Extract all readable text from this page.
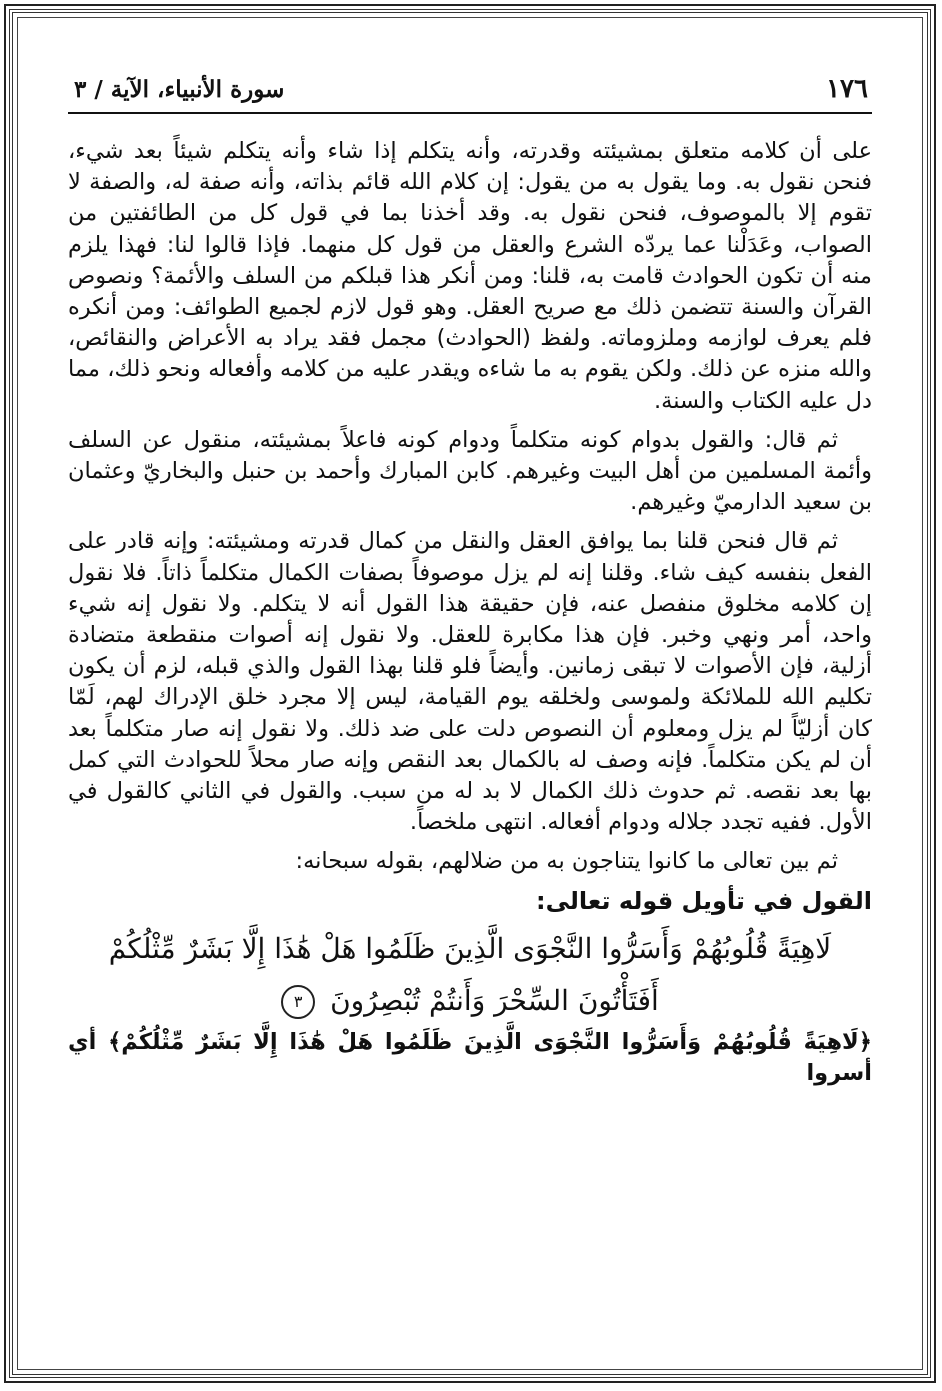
١٧٦
سورة الأنبياء، الآية / ٣

على أن كلامه متعلق بمشيئته وقدرته، وأنه يتكلم إذا شاء وأنه يتكلم شيئاً بعد شيء، فنحن نقول به. وما يقول به من يقول: إن كلام الله قائم بذاته، وأنه صفة له، والصفة لا تقوم إلا بالموصوف، فنحن نقول به. وقد أخذنا بما في قول كل من الطائفتين من الصواب، وعَدَلْنا عما يردّه الشرع والعقل من قول كل منهما. فإذا قالوا لنا: فهذا يلزم منه أن تكون الحوادث قامت به، قلنا: ومن أنكر هذا قبلكم من السلف والأئمة؟ ونصوص القرآن والسنة تتضمن ذلك مع صريح العقل. وهو قول لازم لجميع الطوائف: ومن أنكره فلم يعرف لوازمه وملزوماته. ولفظ (الحوادث) مجمل فقد يراد به الأعراض والنقائص، والله منزه عن ذلك. ولكن يقوم به ما شاءه ويقدر عليه من كلامه وأفعاله ونحو ذلك، مما دل عليه الكتاب والسنة.

ثم قال: والقول بدوام كونه متكلماً ودوام كونه فاعلاً بمشيئته، منقول عن السلف وأئمة المسلمين من أهل البيت وغيرهم. كابن المبارك وأحمد بن حنبل والبخاريّ وعثمان بن سعيد الدارميّ وغيرهم.

ثم قال فنحن قلنا بما يوافق العقل والنقل من كمال قدرته ومشيئته: وإنه قادر على الفعل بنفسه كيف شاء. وقلنا إنه لم يزل موصوفاً بصفات الكمال متكلماً ذاتاً. فلا نقول إن كلامه مخلوق منفصل عنه، فإن حقيقة هذا القول أنه لا يتكلم. ولا نقول إنه شيء واحد، أمر ونهي وخبر. فإن هذا مكابرة للعقل. ولا نقول إنه أصوات منقطعة متضادة أزلية، فإن الأصوات لا تبقى زمانين. وأيضاً فلو قلنا بهذا القول والذي قبله، لزم أن يكون تكليم الله للملائكة ولموسى ولخلقه يوم القيامة، ليس إلا مجرد خلق الإدراك لهم، لَمّا كان أزليّاً لم يزل ومعلوم أن النصوص دلت على ضد ذلك. ولا نقول إنه صار متكلماً بعد أن لم يكن متكلماً. فإنه وصف له بالكمال بعد النقص وإنه صار محلاً للحوادث التي كمل بها بعد نقصه. ثم حدوث ذلك الكمال لا بد له من سبب. والقول في الثاني كالقول في الأول. ففيه تجدد جلاله ودوام أفعاله. انتهى ملخصاً.

ثم بين تعالى ما كانوا يتناجون به من ضلالهم، بقوله سبحانه:

القول في تأويل قوله تعالى:
لَاهِيَةً قُلُوبُهُمْ وَأَسَرُّوا النَّجْوَى الَّذِينَ ظَلَمُوا هَلْ هَٰذَا إِلَّا بَشَرٌ مِّثْلُكُمْ أَفَتَأْتُونَ السِّحْرَ وَأَنتُمْ تُبْصِرُونَ ٣

﴿لَاهِيَةً قُلُوبُهُمْ وَأَسَرُّوا النَّجْوَى الَّذِينَ ظَلَمُوا هَلْ هَٰذَا إِلَّا بَشَرٌ مِّثْلُكُمْ﴾ أي أسروا
